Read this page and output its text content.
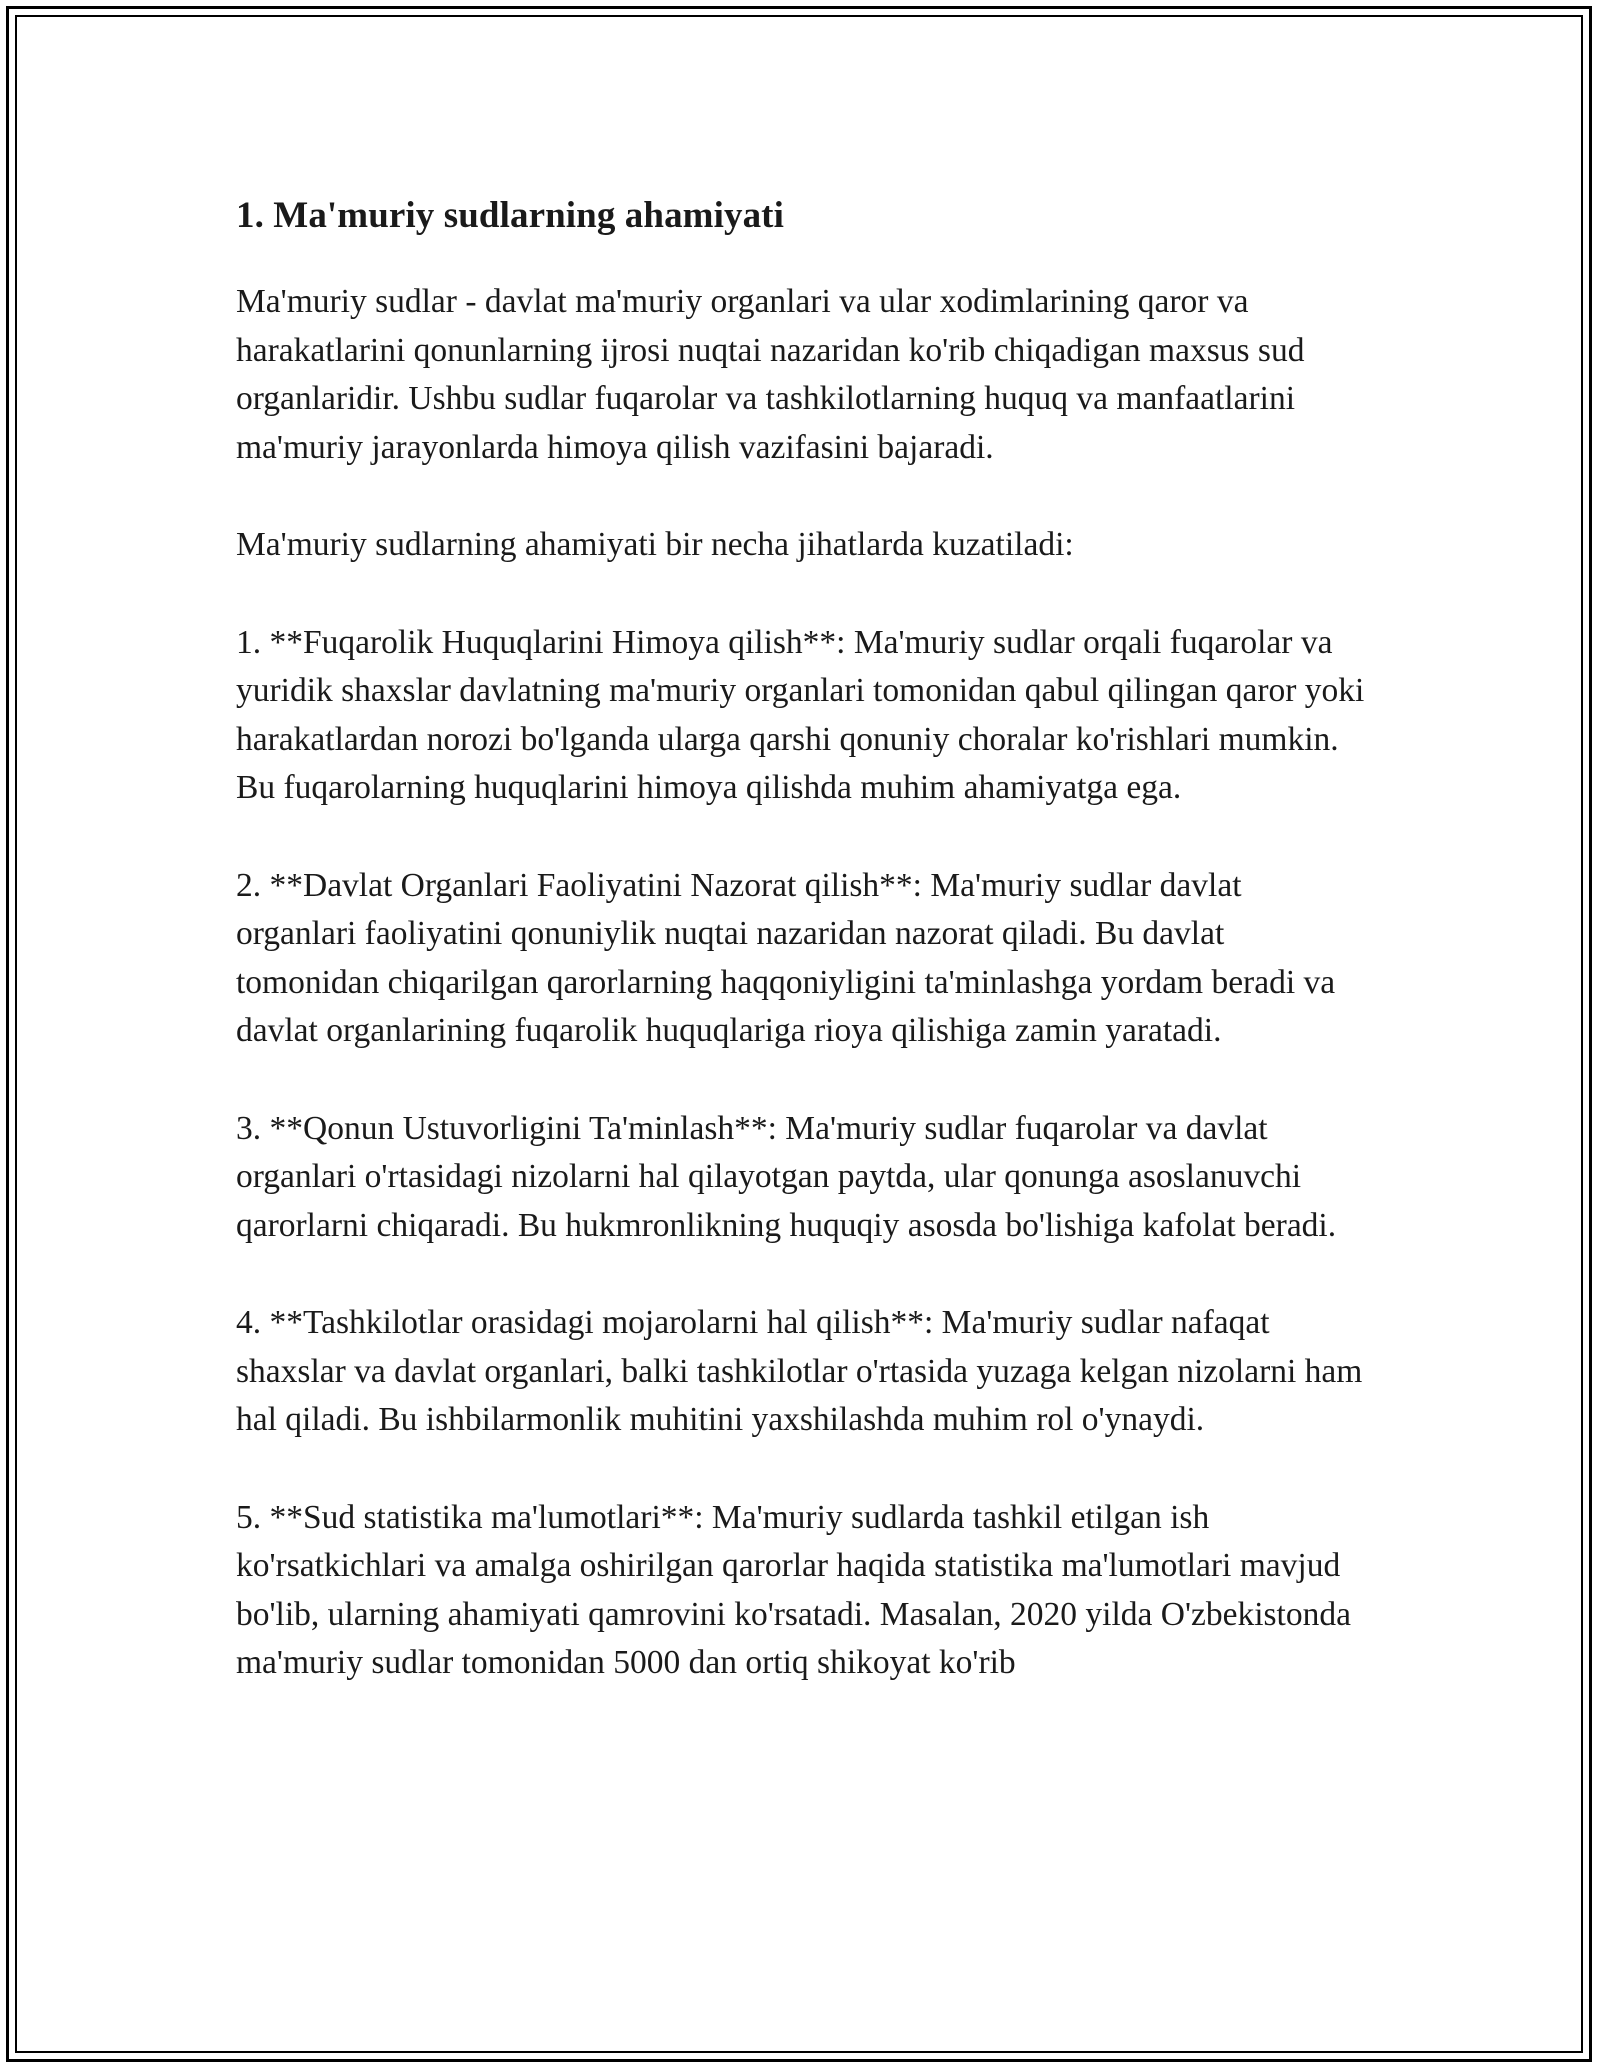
1. Ma'muriy sudlarning ahamiyati

Ma'muriy sudlar - davlat ma'muriy organlari va ular xodimlarining qaror va harakatlarini qonunlarning ijrosi nuqtai nazaridan ko'rib chiqadigan maxsus sud organlaridir. Ushbu sudlar fuqarolar va tashkilotlarning huquq va manfaatlarini ma'muriy jarayonlarda himoya qilish vazifasini bajaradi.

Ma'muriy sudlarning ahamiyati bir necha jihatlarda kuzatiladi:

1. **Fuqarolik Huquqlarini Himoya qilish**: Ma'muriy sudlar orqali fuqarolar va yuridik shaxslar davlatning ma'muriy organlari tomonidan qabul qilingan qaror yoki harakatlardan norozi bo'lganda ularga qarshi qonuniy choralar ko'rishlari mumkin. Bu fuqarolarning huquqlarini himoya qilishda muhim ahamiyatga ega.

2. **Davlat Organlari Faoliyatini Nazorat qilish**: Ma'muriy sudlar davlat organlari faoliyatini qonuniylik nuqtai nazaridan nazorat qiladi. Bu davlat tomonidan chiqarilgan qarorlarning haqqoniyligini ta'minlashga yordam beradi va davlat organlarining fuqarolik huquqlariga rioya qilishiga zamin yaratadi.

3. **Qonun Ustuvorligini Ta'minlash**: Ma'muriy sudlar fuqarolar va davlat organlari o'rtasidagi nizolarni hal qilayotgan paytda, ular qonunga asoslanuvchi qarorlarni chiqaradi. Bu hukmronlikning huquqiy asosda bo'lishiga kafolat beradi.

4. **Tashkilotlar orasidagi mojarolarni hal qilish**: Ma'muriy sudlar nafaqat shaxslar va davlat organlari, balki tashkilotlar o'rtasida yuzaga kelgan nizolarni ham hal qiladi. Bu ishbilarmonlik muhitini yaxshilashda muhim rol o'ynaydi.

5. **Sud statistika ma'lumotlari**: Ma'muriy sudlarda tashkil etilgan ish ko'rsatkichlari va amalga oshirilgan qarorlar haqida statistika ma'lumotlari mavjud bo'lib, ularning ahamiyati qamrovini ko'rsatadi. Masalan, 2020 yilda O'zbekistonda ma'muriy sudlar tomonidan 5000 dan ortiq shikoyat ko'rib
